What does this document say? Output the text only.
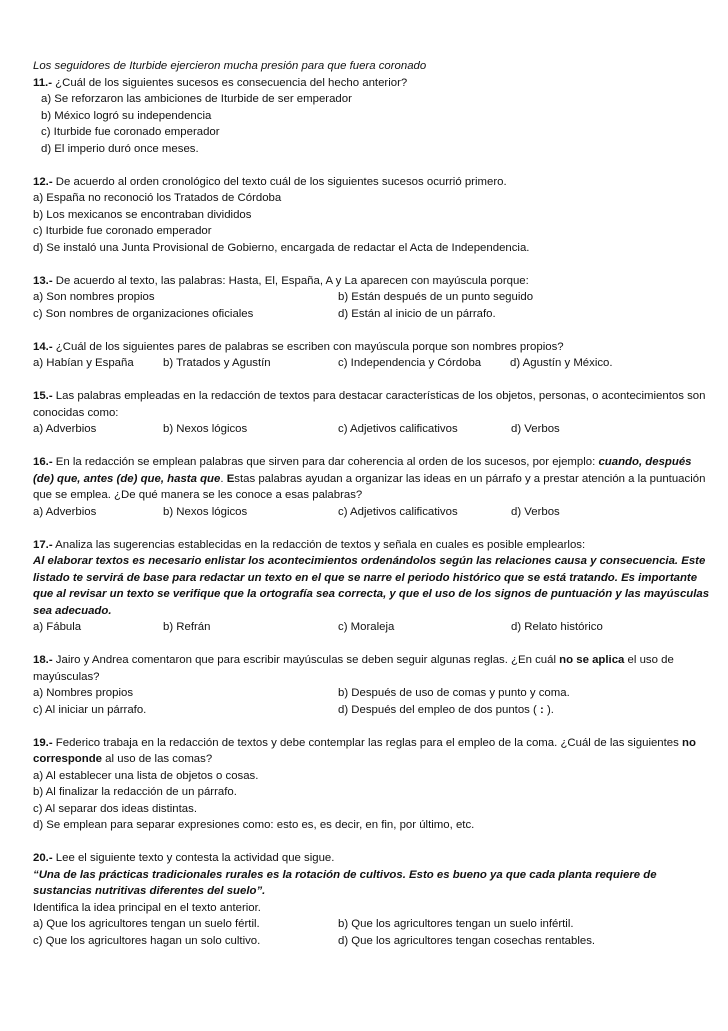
Los seguidores de Iturbide ejercieron mucha presión para que fuera coronado
11.- ¿Cuál de los siguientes sucesos es consecuencia del hecho anterior?
a) Se reforzaron las ambiciones de Iturbide de ser emperador
b) México logró su independencia
c) Iturbide fue coronado emperador
d) El imperio duró once meses.
12.- De acuerdo al orden cronológico del texto cuál de los siguientes sucesos ocurrió primero.
a) España no reconoció los Tratados de Córdoba
b) Los mexicanos se encontraban divididos
c) Iturbide fue coronado emperador
d) Se instaló una Junta Provisional de Gobierno, encargada de redactar el Acta de Independencia.
13.- De acuerdo al texto, las palabras: Hasta, El, España, A y La aparecen con mayúscula porque:
a) Son nombres propios	b) Están después de un punto seguido
c) Son nombres de organizaciones oficiales	d) Están al inicio de un párrafo.
14.- ¿Cuál de los siguientes pares de palabras se escriben con mayúscula porque son nombres propios?
a) Habían y España	b) Tratados y Agustín	c) Independencia y Córdoba	d) Agustín y México.
15.- Las palabras empleadas en la redacción de textos para destacar características de los objetos, personas, o acontecimientos son conocidas como:
a) Adverbios	b) Nexos lógicos	c) Adjetivos calificativos	d) Verbos
16.- En la redacción se emplean palabras que sirven para dar coherencia al orden de los sucesos, por ejemplo: cuando, después (de) que, antes (de) que, hasta que. Estas palabras ayudan a organizar las ideas en un párrafo y a prestar atención a la puntuación que se emplea. ¿De qué manera se les conoce a esas palabras?
a) Adverbios	b) Nexos lógicos	c) Adjetivos calificativos	d) Verbos
17.- Analiza las sugerencias establecidas en la redacción de textos y señala en cuales es posible emplearlos:
Al elaborar textos es necesario enlistar los acontecimientos ordenándolos según las relaciones causa y consecuencia. Este listado te servirá de base para redactar un texto en el que se narre el periodo histórico que se está tratando. Es importante que al revisar un texto se verifique que la ortografía sea correcta, y que el uso de los signos de puntuación y las mayúsculas sea adecuado.
a) Fábula	b) Refrán	c) Moraleja	d) Relato histórico
18.- Jairo y Andrea comentaron que para escribir mayúsculas se deben seguir algunas reglas. ¿En cuál no se aplica el uso de mayúsculas?
a) Nombres propios	b) Después de uso de comas y punto y coma.
c) Al iniciar un párrafo.	d) Después del empleo de dos puntos ( : ).
19.- Federico trabaja en la redacción de textos y debe contemplar las reglas para el empleo de la coma. ¿Cuál de las siguientes no corresponde al uso de las comas?
a) Al establecer una lista de objetos o cosas.
b) Al finalizar la redacción de un párrafo.
c) Al separar dos ideas distintas.
d) Se emplean para separar expresiones como: esto es, es decir, en fin, por último, etc.
20.- Lee el siguiente texto y contesta la actividad que sigue.
“Una de las prácticas tradicionales rurales es la rotación de cultivos. Esto es bueno ya que cada planta requiere de sustancias nutritivas diferentes del suelo”.
Identifica la idea principal en el texto anterior.
a) Que los agricultores tengan un suelo fértil.	b) Que los agricultores tengan un suelo infértil.
c) Que los agricultores hagan un solo cultivo.	d) Que los agricultores tengan cosechas rentables.
